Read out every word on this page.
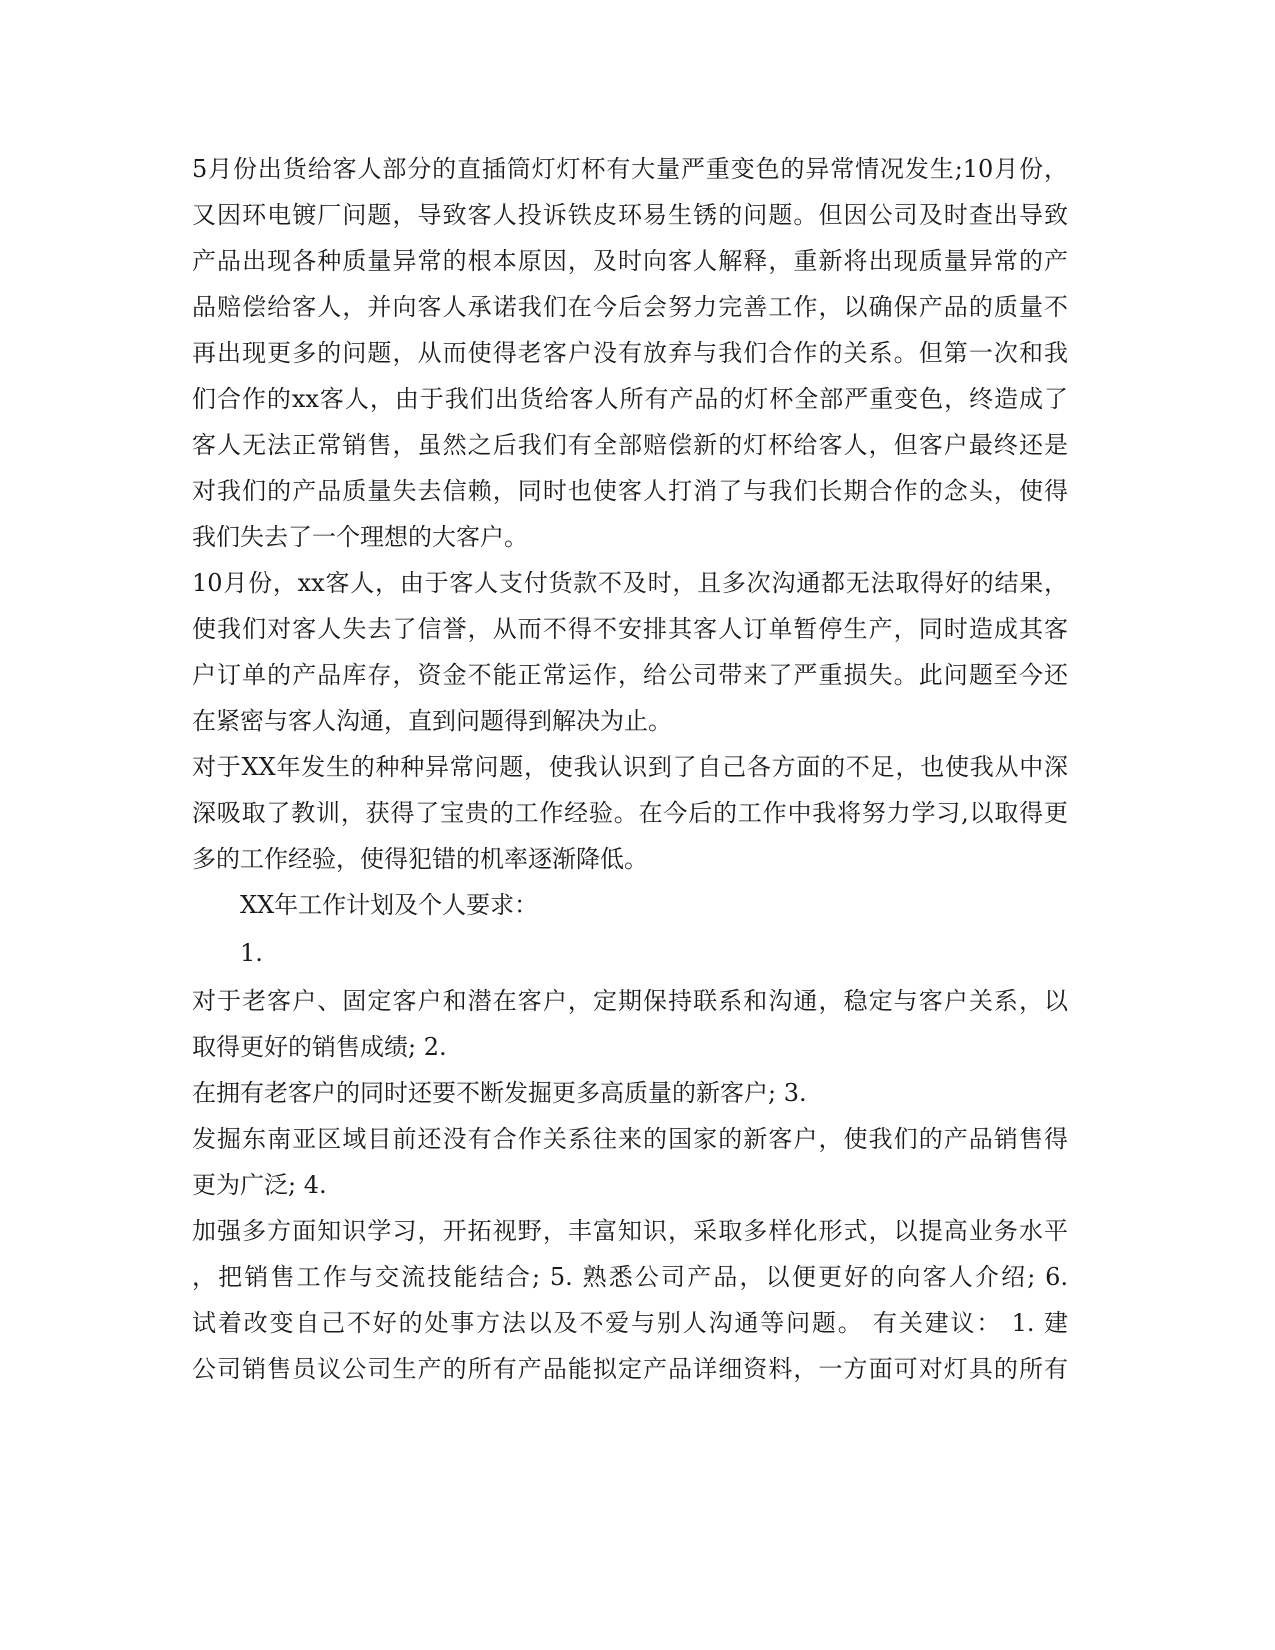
5月份出货给客人部分的直插筒灯灯杯有大量严重变色的异常情况发生;10月份，
又因环电镀厂问题，导致客人投诉铁皮环易生锈的问题。但因公司及时查出导致
产品出现各种质量异常的根本原因，及时向客人解释，重新将出现质量异常的产
品赔偿给客人，并向客人承诺我们在今后会努力完善工作，以确保产品的质量不
再出现更多的问题，从而使得老客户没有放弃与我们合作的关系。但第一次和我
们合作的xx客人，由于我们出货给客人所有产品的灯杯全部严重变色，终造成了
客人无法正常销售，虽然之后我们有全部赔偿新的灯杯给客人，但客户最终还是
对我们的产品质量失去信赖，同时也使客人打消了与我们长期合作的念头，使得
我们失去了一个理想的大客户。
10月份，xx客人，由于客人支付货款不及时，且多次沟通都无法取得好的结果，
使我们对客人失去了信誉，从而不得不安排其客人订单暂停生产，同时造成其客
户订单的产品库存，资金不能正常运作，给公司带来了严重损失。此问题至今还
在紧密与客人沟通，直到问题得到解决为止。
对于XX年发生的种种异常问题，使我认识到了自己各方面的不足，也使我从中深
深吸取了教训，获得了宝贵的工作经验。在今后的工作中我将努力学习,以取得更
多的工作经验，使得犯错的机率逐渐降低。
XX年工作计划及个人要求：
1.
对于老客户、固定客户和潜在客户，定期保持联系和沟通，稳定与客户关系，以
取得更好的销售成绩; 2.
在拥有老客户的同时还要不断发掘更多高质量的新客户; 3.
发掘东南亚区域目前还没有合作关系往来的国家的新客户，使我们的产品销售得
更为广泛; 4.
加强多方面知识学习，开拓视野，丰富知识，采取多样化形式，以提高业务水平
，把销售工作与交流技能结合; 5. 熟悉公司产品，以便更好的向客人介绍; 6.
试着改变自己不好的处事方法以及不爱与别人沟通等问题。 有关建议： 1. 建
公司销售员议公司生产的所有产品能拟定产品详细资料，一方面可对灯具的所有
